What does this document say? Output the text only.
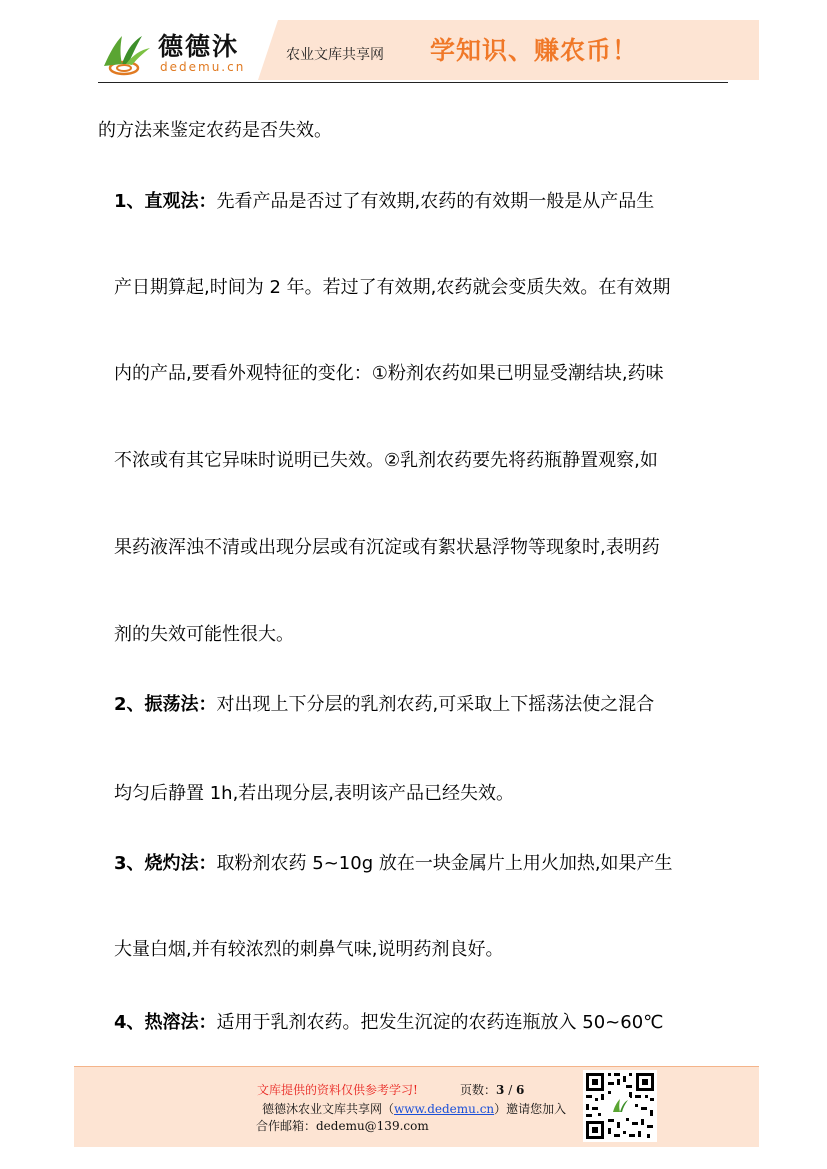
德德沐
dedemu.cn
农业文库共享网 学知识、赚农币！
的方法来鉴定农药是否失效。
1、直观法：先看产品是否过了有效期,农药的有效期一般是从产品生
产日期算起,时间为 2 年。若过了有效期,农药就会变质失效。在有效期
内的产品,要看外观特征的变化：①粉剂农药如果已明显受潮结块,药味
不浓或有其它异味时说明已失效。②乳剂农药要先将药瓶静置观察,如
果药液浑浊不清或出现分层或有沉淀或有絮状悬浮物等现象时,表明药
剂的失效可能性很大。
2、振荡法：对出现上下分层的乳剂农药,可采取上下摇荡法使之混合
均匀后静置 1h,若出现分层,表明该产品已经失效。
3、烧灼法：取粉剂农药 5~10g 放在一块金属片上用火加热,如果产生
大量白烟,并有较浓烈的刺鼻气味,说明药剂良好。
4、热溶法：适用于乳剂农药。把发生沉淀的农药连瓶放入 50~60℃
文库提供的资料仅供参考学习!	页数：3 / 6
德德沐农业文库共享网（www.dedemu.cn）邀请您加入
合作邮箱：dedemu@139.com
